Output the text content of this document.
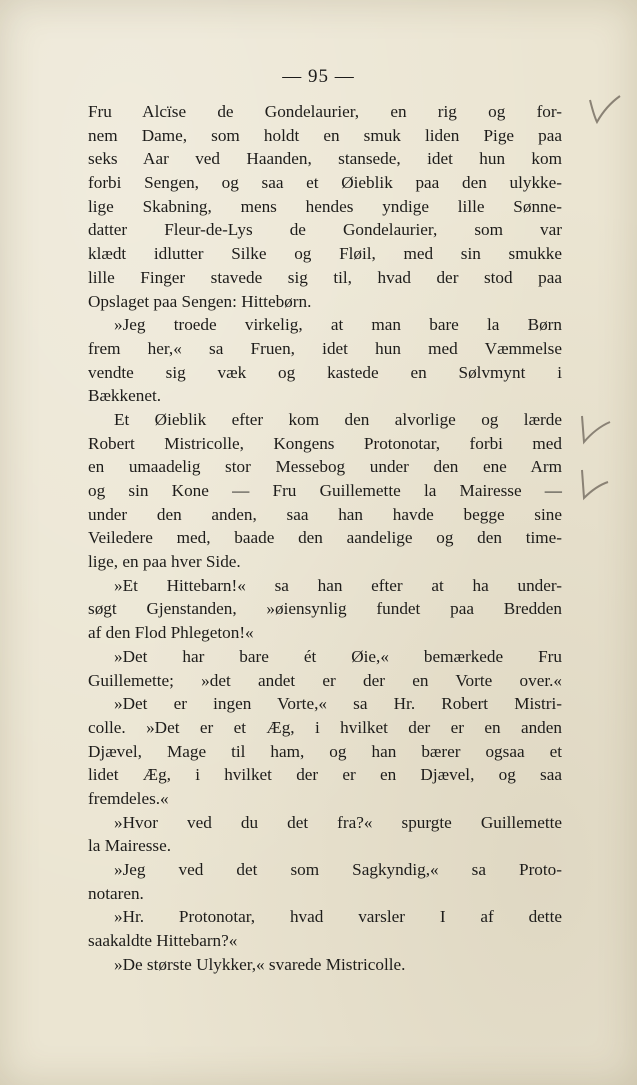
— 95 —
Fru Alcïse de Gondelaurier, en rig og for-
nem Dame, som holdt en smuk liden Pige paa
seks Aar ved Haanden, stansede, idet hun kom
forbi Sengen, og saa et Øieblik paa den ulykke-
lige Skabning, mens hendes yndige lille Sønne-
datter Fleur-de-Lys de Gondelaurier, som var
klædt idlutter Silke og Fløil, med sin smukke
lille Finger stavede sig til, hvad der stod paa
Opslaget paa Sengen: Hittebørn.
»Jeg troede virkelig, at man bare la Børn
frem her,« sa Fruen, idet hun med Væmmelse
vendte sig væk og kastede en Sølvmynt i
Bækkenet.
Et Øieblik efter kom den alvorlige og lærde
Robert Mistricolle, Kongens Protonotar, forbi med
en umaadelig stor Messebog under den ene Arm
og sin Kone — Fru Guillemette la Mairesse —
under den anden, saa han havde begge sine
Veiledere med, baade den aandelige og den time-
lige, en paa hver Side.
»Et Hittebarn!« sa han efter at ha under-
søgt Gjenstanden, »øiensynlig fundet paa Bredden
af den Flod Phlegeton!«
»Det har bare ét Øie,« bemærkede Fru
Guillemette; »det andet er der en Vorte over.«
»Det er ingen Vorte,« sa Hr. Robert Mistri-
colle. »Det er et Æg, i hvilket der er en anden
Djævel, Mage til ham, og han bærer ogsaa et
lidet Æg, i hvilket der er en Djævel, og saa
fremdeles.«
»Hvor ved du det fra?« spurgte Guillemette
la Mairesse.
»Jeg ved det som Sagkyndig,« sa Proto-
notaren.
»Hr. Protonotar, hvad varsler I af dette
saakaldte Hittebarn?«
»De største Ulykker,« svarede Mistricolle.
